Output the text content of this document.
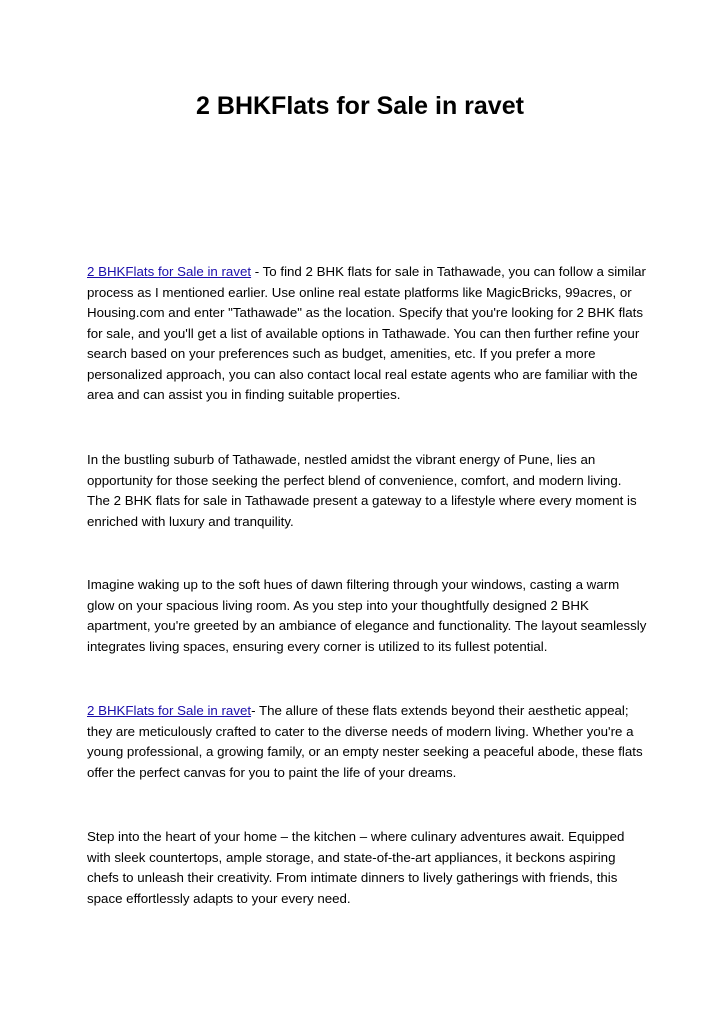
2 BHKFlats for Sale in ravet

2 BHKFlats for Sale in ravet - To find 2 BHK flats for sale in Tathawade, you can follow a similar process as I mentioned earlier. Use online real estate platforms like MagicBricks, 99acres, or Housing.com and enter "Tathawade" as the location. Specify that you're looking for 2 BHK flats for sale, and you'll get a list of available options in Tathawade. You can then further refine your search based on your preferences such as budget, amenities, etc. If you prefer a more personalized approach, you can also contact local real estate agents who are familiar with the area and can assist you in finding suitable properties.

In the bustling suburb of Tathawade, nestled amidst the vibrant energy of Pune, lies an opportunity for those seeking the perfect blend of convenience, comfort, and modern living. The 2 BHK flats for sale in Tathawade present a gateway to a lifestyle where every moment is enriched with luxury and tranquility.

Imagine waking up to the soft hues of dawn filtering through your windows, casting a warm glow on your spacious living room. As you step into your thoughtfully designed 2 BHK apartment, you're greeted by an ambiance of elegance and functionality. The layout seamlessly integrates living spaces, ensuring every corner is utilized to its fullest potential.

2 BHKFlats for Sale in ravet- The allure of these flats extends beyond their aesthetic appeal; they are meticulously crafted to cater to the diverse needs of modern living. Whether you're a young professional, a growing family, or an empty nester seeking a peaceful abode, these flats offer the perfect canvas for you to paint the life of your dreams.

Step into the heart of your home – the kitchen – where culinary adventures await. Equipped with sleek countertops, ample storage, and state-of-the-art appliances, it beckons aspiring chefs to unleash their creativity. From intimate dinners to lively gatherings with friends, this space effortlessly adapts to your every need.
